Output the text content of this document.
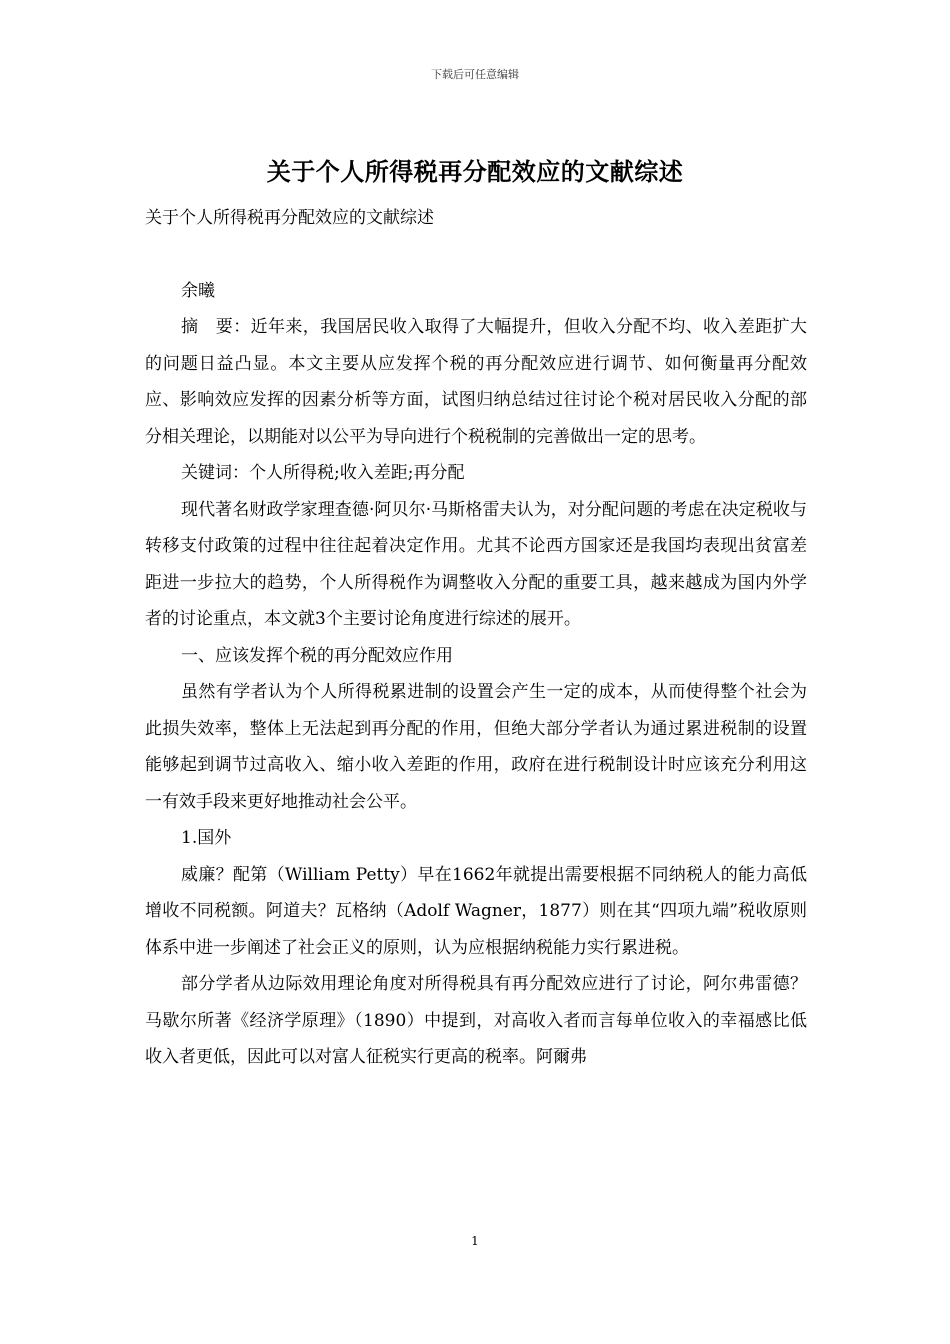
下载后可任意编辑
关于个人所得税再分配效应的文献综述

关于个人所得税再分配效应的文献综述

余曦

摘　要：近年来，我国居民收入取得了大幅提升，但收入分配不均、收入差距扩大的问题日益凸显。本文主要从应发挥个税的再分配效应进行调节、如何衡量再分配效应、影响效应发挥的因素分析等方面，试图归纳总结过往讨论个税对居民收入分配的部分相关理论，以期能对以公平为导向进行个税税制的完善做出一定的思考。

关键词：个人所得税;收入差距;再分配

现代著名财政学家理查德·阿贝尔·马斯格雷夫认为，对分配问题的考虑在决定税收与转移支付政策的过程中往往起着决定作用。尤其不论西方国家还是我国均表现出贫富差距进一步拉大的趋势，个人所得税作为调整收入分配的重要工具，越来越成为国内外学者的讨论重点，本文就3个主要讨论角度进行综述的展开。

一、应该发挥个税的再分配效应作用

虽然有学者认为个人所得税累进制的设置会产生一定的成本，从而使得整个社会为此损失效率，整体上无法起到再分配的作用，但绝大部分学者认为通过累进税制的设置能够起到调节过高收入、缩小收入差距的作用，政府在进行税制设计时应该充分利用这一有效手段来更好地推动社会公平。

1.国外

威廉？配第（William Petty）早在1662年就提出需要根据不同纳税人的能力高低增收不同税额。阿道夫？瓦格纳（Adolf Wagner，1877）则在其“四项九端”税收原则体系中进一步阐述了社会正义的原则，认为应根据纳税能力实行累进税。

部分学者从边际效用理论角度对所得税具有再分配效应进行了讨论，阿尔弗雷德？马歇尔所著《经济学原理》（1890）中提到，对高收入者而言每单位收入的幸福感比低收入者更低，因此可以对富人征税实行更高的税率。阿爾弗

1
